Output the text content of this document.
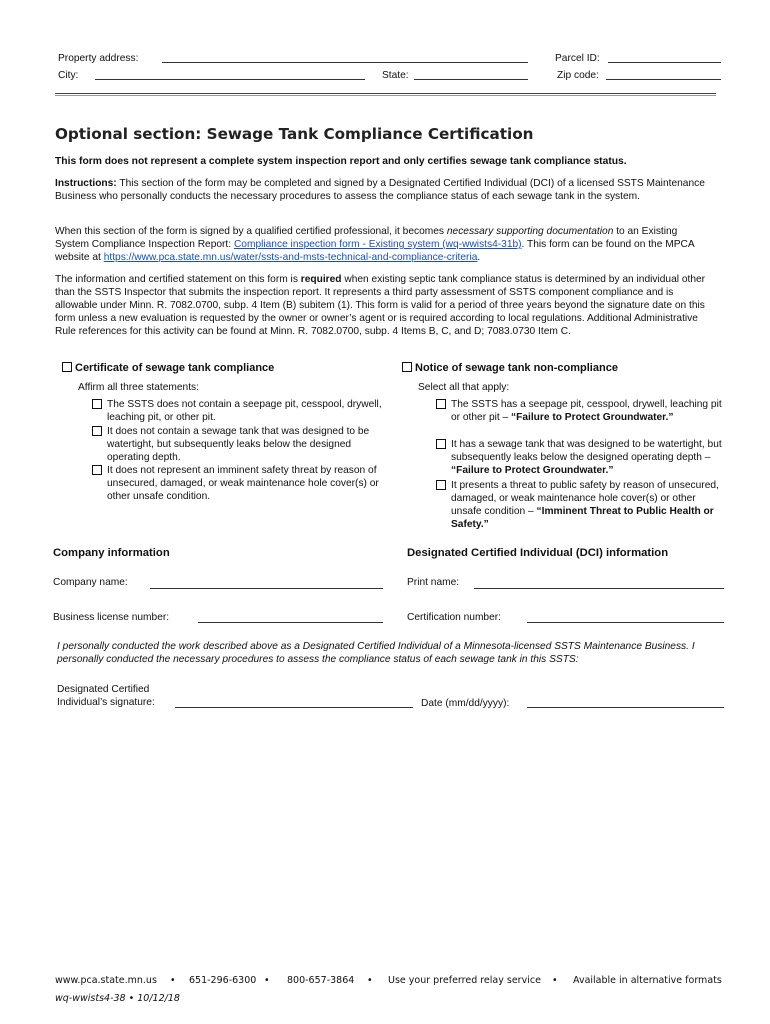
Property address:	Parcel ID:
City:	State:	Zip code:
Optional section: Sewage Tank Compliance Certification
This form does not represent a complete system inspection report and only certifies sewage tank compliance status.
Instructions: This section of the form may be completed and signed by a Designated Certified Individual (DCI) of a licensed SSTS Maintenance Business who personally conducts the necessary procedures to assess the compliance status of each sewage tank in the system.
When this section of the form is signed by a qualified certified professional, it becomes necessary supporting documentation to an Existing System Compliance Inspection Report: Compliance inspection form - Existing system (wq-wwists4-31b). This form can be found on the MPCA website at https://www.pca.state.mn.us/water/ssts-and-msts-technical-and-compliance-criteria.
The information and certified statement on this form is required when existing septic tank compliance status is determined by an individual other than the SSTS Inspector that submits the inspection report. It represents a third party assessment of SSTS component compliance and is allowable under Minn. R. 7082.0700, subp. 4 Item (B) subitem (1). This form is valid for a period of three years beyond the signature date on this form unless a new evaluation is requested by the owner or owner’s agent or is required according to local regulations. Additional Administrative Rule references for this activity can be found at Minn. R. 7082.0700, subp. 4 Items B, C, and D; 7083.0730 Item C.
Certificate of sewage tank compliance
Affirm all three statements:
The SSTS does not contain a seepage pit, cesspool, drywell, leaching pit, or other pit.
It does not contain a sewage tank that was designed to be watertight, but subsequently leaks below the designed operating depth.
It does not represent an imminent safety threat by reason of unsecured, damaged, or weak maintenance hole cover(s) or other unsafe condition.
Notice of sewage tank non-compliance
Select all that apply:
The SSTS has a seepage pit, cesspool, drywell, leaching pit or other pit – “Failure to Protect Groundwater.”
It has a sewage tank that was designed to be watertight, but subsequently leaks below the designed operating depth – “Failure to Protect Groundwater.”
It presents a threat to public safety by reason of unsecured, damaged, or weak maintenance hole cover(s) or other unsafe condition – “Imminent Threat to Public Health or Safety.”
Company information	Designated Certified Individual (DCI) information
Company name:	Print name:
Business license number:	Certification number:
I personally conducted the work described above as a Designated Certified Individual of a Minnesota-licensed SSTS Maintenance Business. I personally conducted the necessary procedures to assess the compliance status of each sewage tank in this SSTS:
Designated Certified
Individual’s signature:	Date (mm/dd/yyyy):
www.pca.state.mn.us • 651-296-6300 • 800-657-3864 • Use your preferred relay service • Available in alternative formats
wq-wwists4-38 • 10/12/18
